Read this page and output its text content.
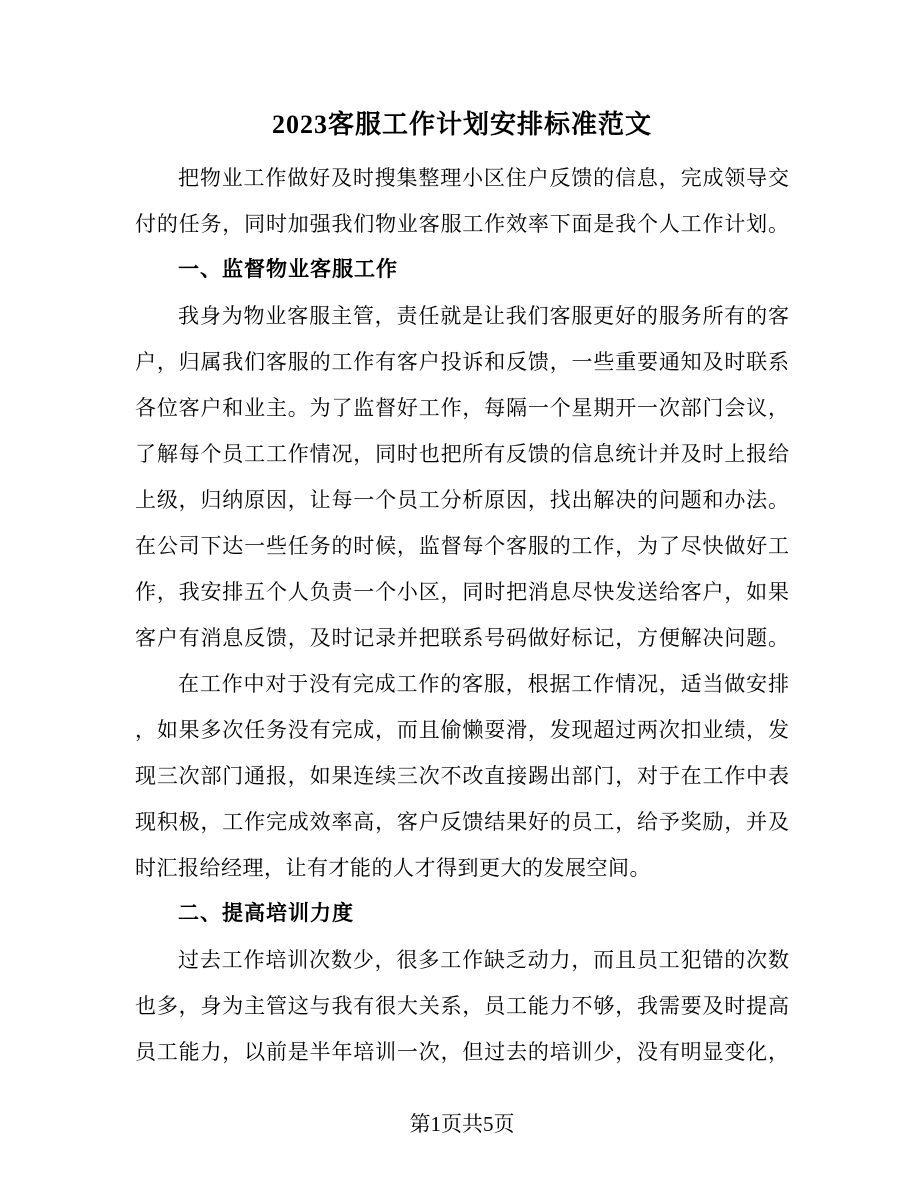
2023客服工作计划安排标准范文
把物业工作做好及时搜集整理小区住户反馈的信息，完成领导交
付的任务，同时加强我们物业客服工作效率下面是我个人工作计划。
一、监督物业客服工作
我身为物业客服主管，责任就是让我们客服更好的服务所有的客
户，归属我们客服的工作有客户投诉和反馈，一些重要通知及时联系
各位客户和业主。为了监督好工作，每隔一个星期开一次部门会议，
了解每个员工工作情况，同时也把所有反馈的信息统计并及时上报给
上级，归纳原因，让每一个员工分析原因，找出解决的问题和办法。
在公司下达一些任务的时候，监督每个客服的工作，为了尽快做好工
作，我安排五个人负责一个小区，同时把消息尽快发送给客户，如果
客户有消息反馈，及时记录并把联系号码做好标记，方便解决问题。
在工作中对于没有完成工作的客服，根据工作情况，适当做安排
，如果多次任务没有完成，而且偷懒耍滑，发现超过两次扣业绩，发
现三次部门通报，如果连续三次不改直接踢出部门，对于在工作中表
现积极，工作完成效率高，客户反馈结果好的员工，给予奖励，并及
时汇报给经理，让有才能的人才得到更大的发展空间。
二、提高培训力度
过去工作培训次数少，很多工作缺乏动力，而且员工犯错的次数
也多，身为主管这与我有很大关系，员工能力不够，我需要及时提高
员工能力，以前是半年培训一次，但过去的培训少，没有明显变化，
第1页共5页
